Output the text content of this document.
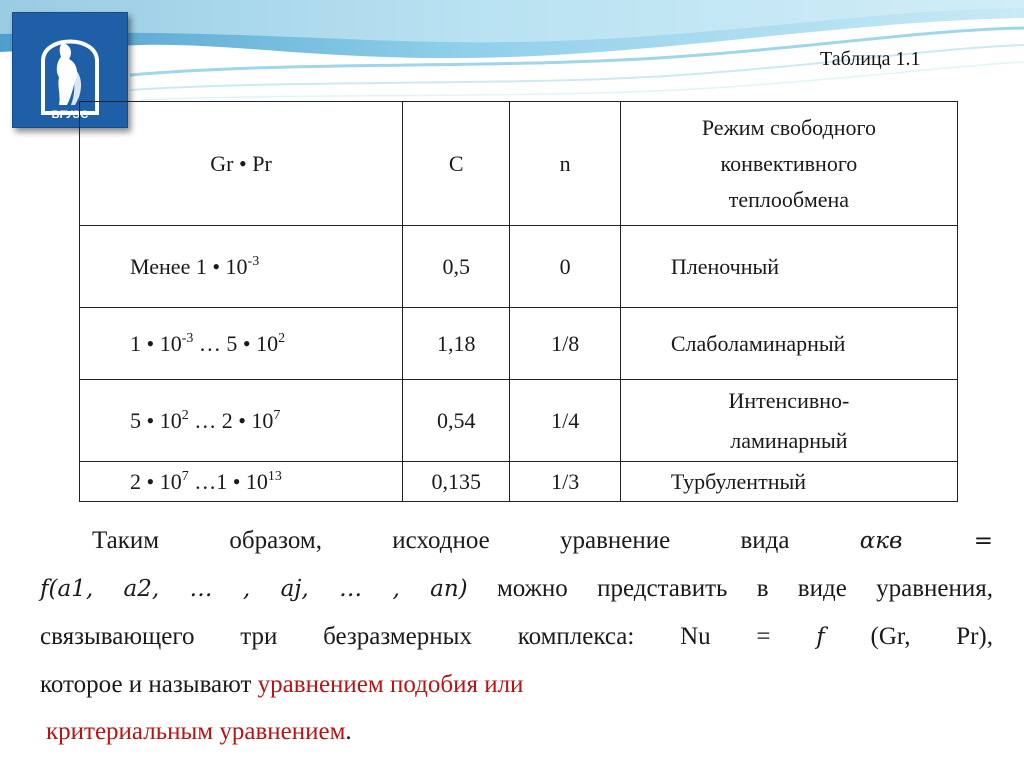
ВГУЭС
Таблица 1.1
Gr • Pr	C	n	Режим свободного
конвективного
теплообмена

Менее 1 • $10^{-3}$	0,5	0	Пленочный
1 • $10^{-3}$ … 5 • $10^2$	1,18	1/8	Слаболаминарный
5 • $10^2$ … 2 • $10^7$	0,54	1/4	Интенсивно-
ламинарный

2 • $10^7$ …1 • $10^{13}$	0,135	1/3	Турбулентный
Таким образом, исходное уравнение вида	αкв =
f(a1, a2, … , aj, … , an) можно представить в виде уравнения,
связывающего три безразмерных комплекса: Nu = f (Gr, Рr),
которое и называют уравнением подобия или
критериальным уравнением.
